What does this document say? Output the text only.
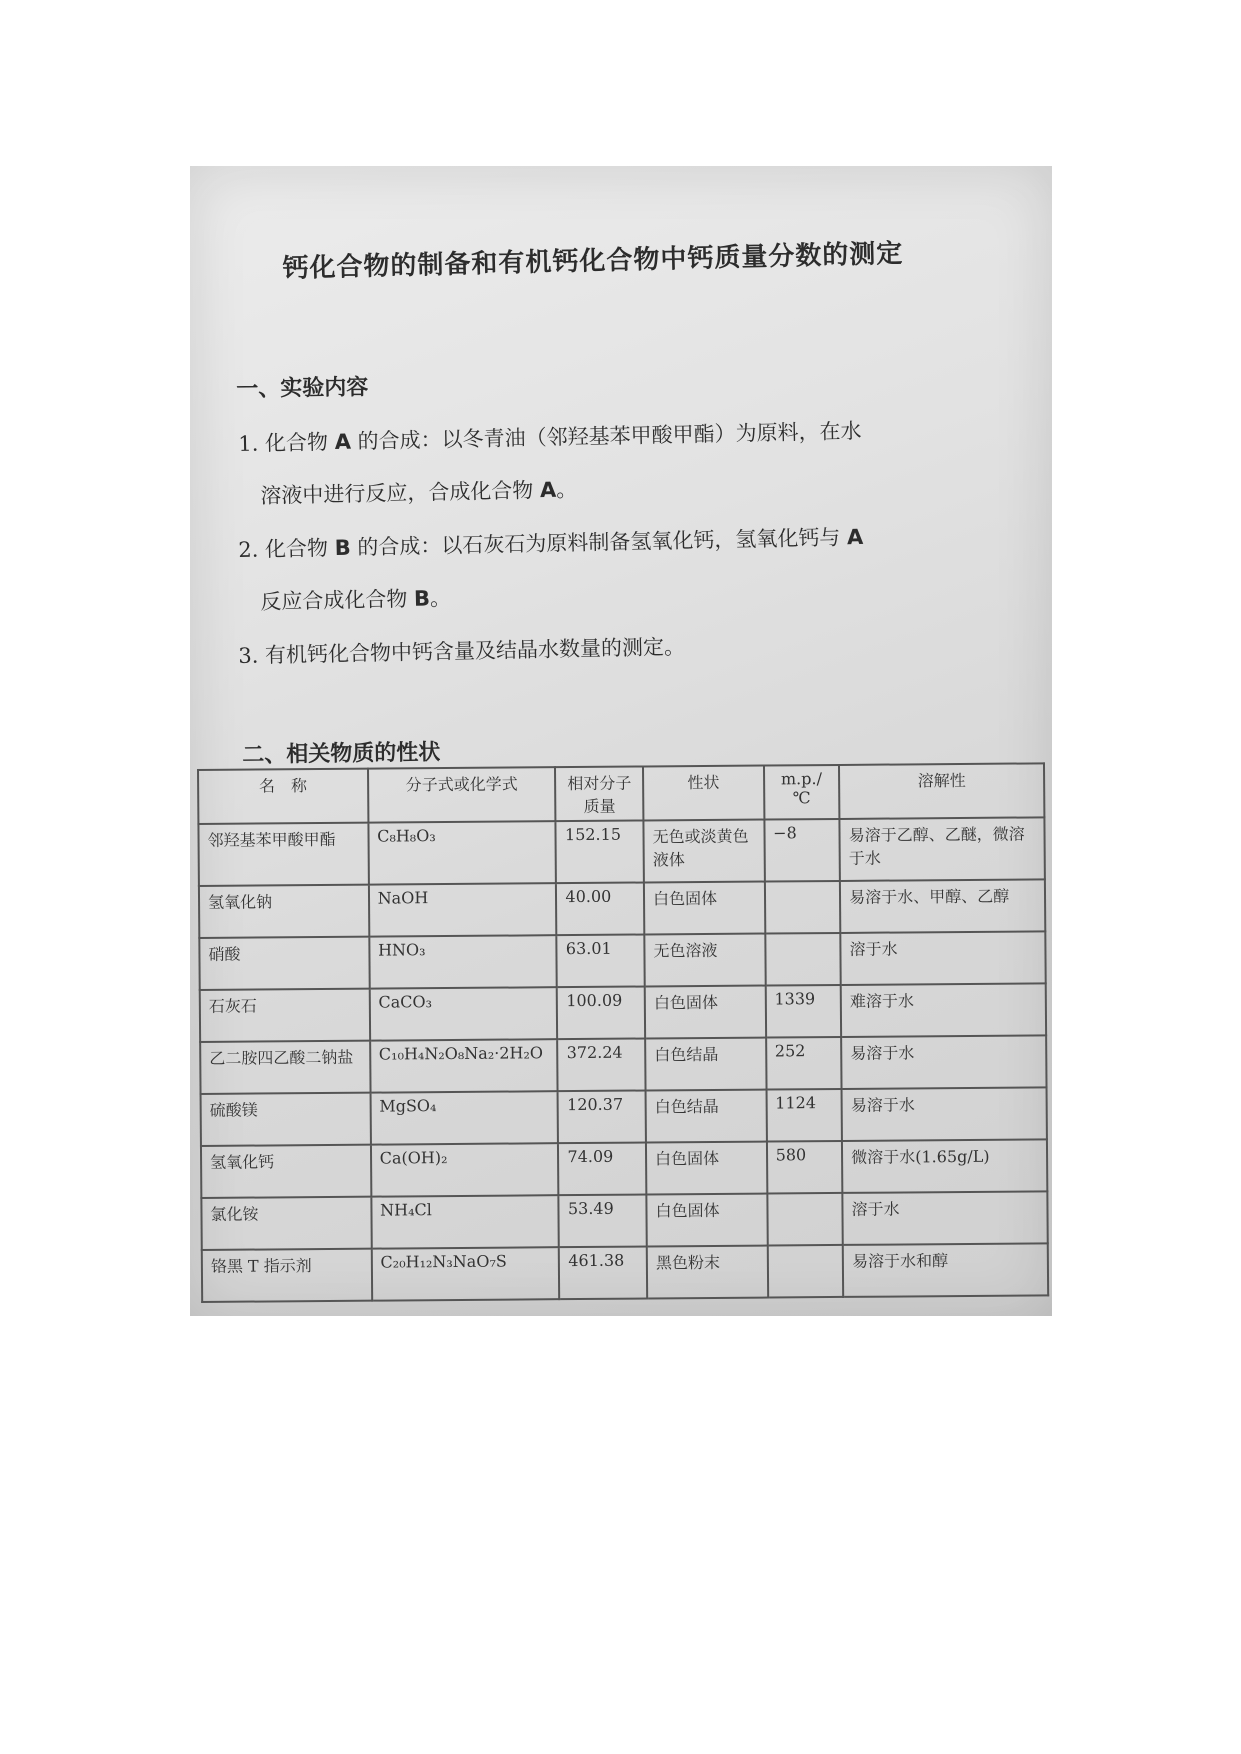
钙化合物的制备和有机钙化合物中钙质量分数的测定
一、实验内容
1. 化合物 A 的合成：以冬青油（邻羟基苯甲酸甲酯）为原料，在水
溶液中进行反应，合成化合物 A。
2. 化合物 B 的合成：以石灰石为原料制备氢氧化钙，氢氧化钙与 A
反应合成化合物 B。
3. 有机钙化合物中钙含量及结晶水数量的测定。
二、相关物质的性状
名　称	分子式或化学式	相对分子质量	性状	m.p./℃	溶解性
邻羟基苯甲酸甲酯	C₈H₈O₃	152.15	无色或淡黄色液体	−8	易溶于乙醇、乙醚，微溶于水
氢氧化钠	NaOH	40.00	白色固体		易溶于水、甲醇、乙醇
硝酸	HNO₃	63.01	无色溶液		溶于水
石灰石	CaCO₃	100.09	白色固体	1339	难溶于水
乙二胺四乙酸二钠盐	C₁₀H₄N₂O₈Na₂·2H₂O	372.24	白色结晶	252	易溶于水
硫酸镁	MgSO₄	120.37	白色结晶	1124	易溶于水
氢氧化钙	Ca(OH)₂	74.09	白色固体	580	微溶于水(1.65g/L)
氯化铵	NH₄Cl	53.49	白色固体		溶于水
铬黑 T 指示剂	C₂₀H₁₂N₃NaO₇S	461.38	黑色粉末		易溶于水和醇
